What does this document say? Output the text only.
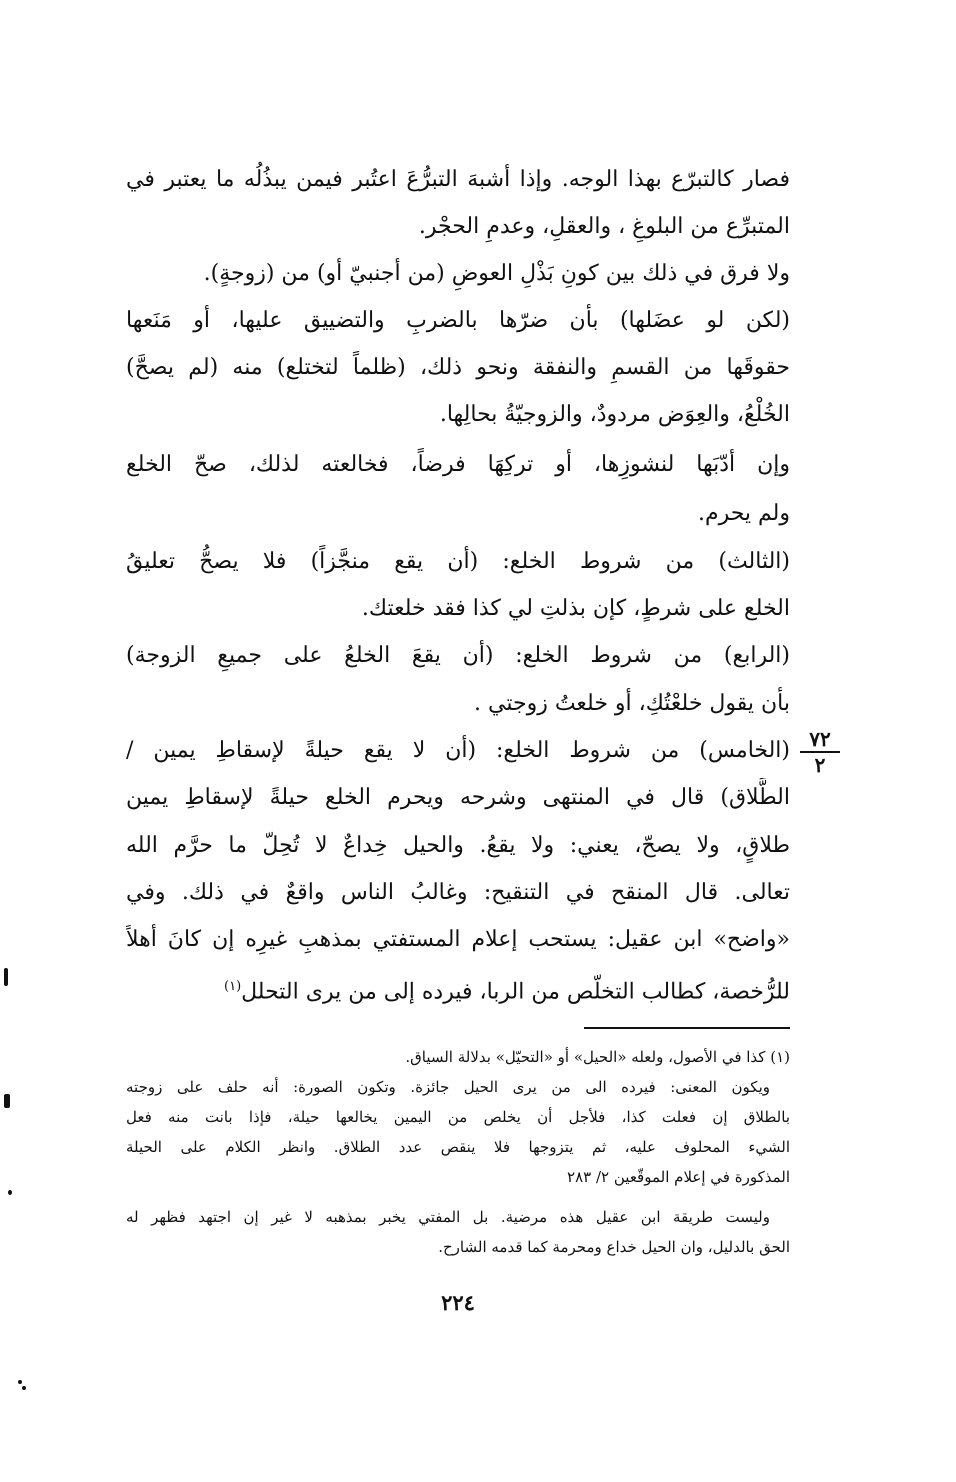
فصار كالتبرّع بهذا الوجه. وإذا أشبهَ التبرُّعَ اعتُبر فيمن يبذُلُه ما يعتبر في
المتبرِّع من البلوغِ ، والعقلِ، وعدمِ الحجْر.
ولا فرق في ذلك بين كونِ بَذْلِ العوضِ (من أجنبيّ أو) من (زوجةٍ).
(لكن لو عضَلها) بأن ضرّها بالضربِ والتضييق عليها، أو مَنَعها
حقوقَها من القسمِ والنفقة ونحو ذلك، (ظلماً لتختلع) منه (لم يصحَّ)
الخُلْعُ، والعِوَض مردودٌ، والزوجيّةُ بحالِها.
وإن أدّبَها لنشوزِها، أو تركِهَا فرضاً، فخالعته لذلك، صحّ الخلع
ولم يحرم.
(الثالث) من شروط الخلع: (أن يقع منجَّزاً) فلا يصحُّ تعليقُ
الخلع على شرطٍ، كإن بذلتِ لي كذا فقد خلعتك.
(الرابع) من شروط الخلع: (أن يقعَ الخلعُ على جميعِ الزوجة)
بأن يقول خلعْتُكِ، أو خلعتُ زوجتي .
(الخامس) من شروط الخلع: (أن لا يقع حيلةً لإسقاطِ يمين /
الطَّلاق) قال في المنتهى وشرحه ويحرم الخلع حيلةً لإسقاطِ يمين
طلاقٍ، ولا يصحّ، يعني: ولا يقعُ. والحيل خِداعٌ لا تُحِلّ ما حرَّم الله
تعالى. قال المنقح في التنقيح: وغالبُ الناس واقعٌ في ذلك. وفي
«واضح» ابن عقيل: يستحب إعلام المستفتي بمذهبِ غيرِه إن كانَ أهلاً
للرُّخصة، كطالب التخلّص من الربا، فيرده إلى من يرى التحلل$^{(١)}$
٧٢
٢
(١) كذا في الأصول، ولعله «الحيل» أو «التحيّل» بدلالة السياق.
ويكون المعنى: فيرده الى من يرى الحيل جائزة. وتكون الصورة: أنه حلف على زوجته
بالطلاق إن فعلت كذا، فلأجل أن يخلص من اليمين يخالعها حيلة، فإذا بانت منه فعل
الشيء المحلوف عليه، ثم يتزوجها فلا ينقص عدد الطلاق. وانظر الكلام على الحيلة
المذكورة في إعلام الموقّعين ٢/ ٢٨٣
وليست طريقة ابن عقيل هذه مرضية. بل المفتي يخبر بمذهبه لا غير إن اجتهد فظهر له
الحق بالدليل، وان الحيل خداع ومحرمة كما قدمه الشارح.
٢٢٤
